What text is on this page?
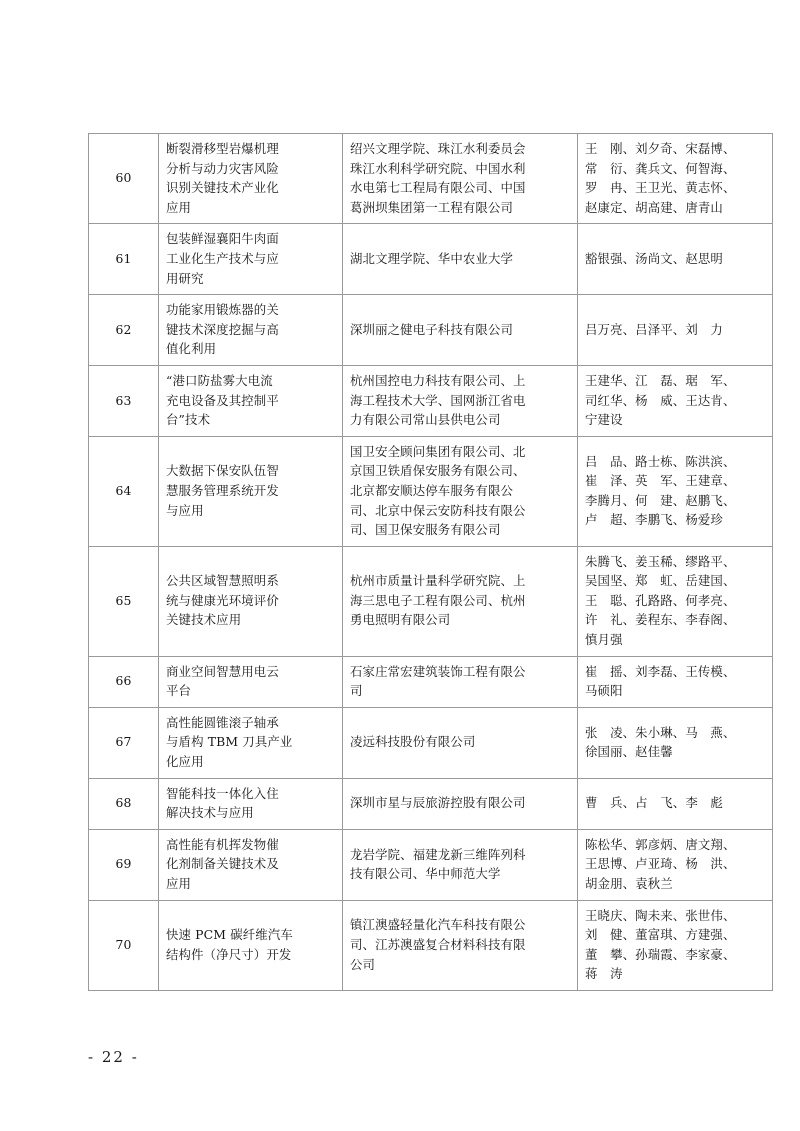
60	断裂滑移型岩爆机理
分析与动力灾害风险
识别关键技术产业化
应用	绍兴文理学院、珠江水利委员会
珠江水利科学研究院、中国水利
水电第七工程局有限公司、中国
葛洲坝集团第一工程有限公司	王　刚、刘夕奇、宋磊博、
常　衍、龚兵文、何智海、
罗　冉、王卫光、黄志怀、
赵康定、胡高建、唐青山

61	包装鲜湿襄阳牛肉面
工业化生产技术与应
用研究	湖北文理学院、华中农业大学	豁银强、汤尚文、赵思明

62	功能家用锻炼器的关
键技术深度挖掘与高
值化利用	深圳丽之健电子科技有限公司	吕万亮、吕泽平、刘　力

63	“港口防盐雾大电流
充电设备及其控制平
台”技术	杭州国控电力科技有限公司、上
海工程技术大学、国网浙江省电
力有限公司常山县供电公司	王建华、江　磊、琚　军、
司红华、杨　威、王达肯、
宁建设

64	大数据下保安队伍智
慧服务管理系统开发
与应用	国卫安全顾问集团有限公司、北
京国卫铁盾保安服务有限公司、
北京都安顺达停车服务有限公
司、北京中保云安防科技有限公
司、国卫保安服务有限公司	吕　品、路士栋、陈洪滨、
崔　泽、英　军、王建章、
李腾月、何　建、赵鹏飞、
卢　超、李鹏飞、杨爱珍

65	公共区域智慧照明系
统与健康光环境评价
关键技术应用	杭州市质量计量科学研究院、上
海三思电子工程有限公司、杭州
勇电照明有限公司	朱腾飞、姜玉稀、缪路平、
吴国坚、郑　虹、岳建国、
王　聪、孔路路、何孝亮、
许　礼、姜程东、李春阁、
慎月强

66	商业空间智慧用电云
平台	石家庄常宏建筑装饰工程有限公
司	崔　摇、刘李磊、王传模、
马硕阳

67	高性能圆锥滚子轴承
与盾构 TBM 刀具产业
化应用	凌远科技股份有限公司	张　凌、朱小琳、马　燕、
徐国丽、赵佳馨

68	智能科技一体化入住
解决技术与应用	深圳市星与辰旅游控股有限公司	曹　兵、占　飞、李　彪

69	高性能有机挥发物催
化剂制备关键技术及
应用	龙岩学院、福建龙新三维阵列科
技有限公司、华中师范大学	陈松华、郭彦炳、唐文翔、
王思博、卢亚琦、杨　洪、
胡金朋、袁秋兰

70	快速 PCM 碳纤维汽车
结构件（净尺寸）开发	镇江澳盛轻量化汽车科技有限公
司、江苏澳盛复合材料科技有限
公司	王晓庆、陶未来、张世伟、
刘　健、董富琪、方建强、
董　攀、孙瑞霞、李家豪、
蒋　涛
- 22 -
